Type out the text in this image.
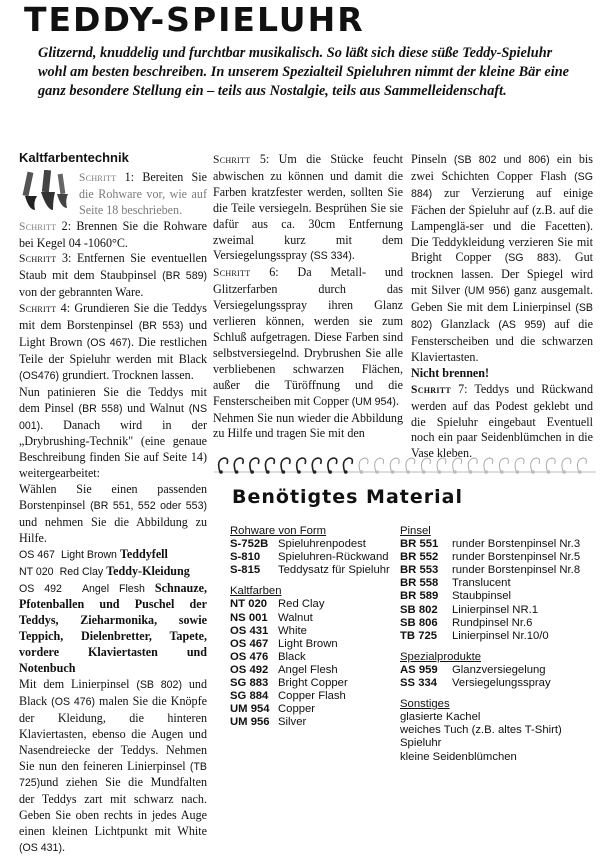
TEDDY-SPIELUHR
Glitzernd, knuddelig und furchtbar musikalisch. So läßt sich diese süße Teddy-Spieluhr wohl am besten beschreiben. In unserem Spezialteil Spieluhren nimmt der kleine Bär eine ganz besondere Stellung ein – teils aus Nostalgie, teils aus Sammelleidenschaft.

Kaltfarbentechnik

Schritt 1: Bereiten Sie die Rohware vor, wie auf Seite 18 beschrieben.

Schritt 2: Brennen Sie die Rohware bei Kegel 04 -1060°C.

Schritt 3: Entfernen Sie eventuellen Staub mit dem Staubpinsel (BR 589) von der gebrannten Ware.

Schritt 4: Grundieren Sie die Teddys mit dem Borstenpinsel (BR 553) und Light Brown (OS 467). Die restlichen Teile der Spieluhr werden mit Black (OS476) grundiert. Trocknen lassen.

Nun patinieren Sie die Teddys mit dem Pinsel (BR 558) und Walnut (NS 001). Danach wird in der „Drybrushing-Technik" (eine genaue Beschreibung finden Sie auf Seite 14) weitergearbeitet:

Wählen Sie einen passenden Borstenpinsel (BR 551, 552 oder 553) und nehmen Sie die Abbildung zu Hilfe.

OS 467 Light Brown Teddyfell

NT 020 Red Clay Teddy-Kleidung

OS 492 Angel Flesh Schnauze, Pfotenballen und Puschel der Teddys, Zieharmonika, sowie Teppich, Dielenbretter, Tapete, vordere Klaviertasten und Notenbuch

Mit dem Linierpinsel (SB 802) und Black (OS 476) malen Sie die Knöpfe der Kleidung, die hinteren Klaviertasten, ebenso die Augen und Nasendreiecke der Teddys. Nehmen Sie nun den feineren Linierpinsel (TB 725)und ziehen Sie die Mundfalten der Teddys zart mit schwarz nach. Geben Sie oben rechts in jedes Auge einen kleinen Lichtpunkt mit White (OS 431).

Schritt 5: Um die Stücke feucht abwischen zu können und damit die Farben kratzfester werden, sollten Sie die Teile versiegeln. Besprühen Sie sie dafür aus ca. 30cm Entfernung zweimal kurz mit dem Versiegelungsspray (SS 334).

Schritt 6: Da Metall- und Glitzerfarben durch das Versiegelungsspray ihren Glanz verlieren können, werden sie zum Schluß aufgetragen. Diese Farben sind selbstversiegelnd. Drybrushen Sie alle verbliebenen schwarzen Flächen, außer die Türöffnung und die Fensterscheiben mit Copper (UM 954).

Nehmen Sie nun wieder die Abbildung zu Hilfe und tragen Sie mit den

Pinseln (SB 802 und 806) ein bis zwei Schichten Copper Flash (SG 884) zur Verzierung auf einige Fächen der Spieluhr auf (z.B. auf die Lampenglä-ser und die Facetten). Die Teddykleidung verzieren Sie mit Bright Copper (SG 883). Gut trocknen lassen. Der Spiegel wird mit Silver (UM 956) ganz ausgemalt. Geben Sie mit dem Linierpinsel (SB 802) Glanzlack (AS 959) auf die Fensterscheiben und die schwarzen Klaviertasten.

Nicht brennen!

Schritt 7: Teddys und Rückwand werden auf das Podest geklebt und die Spieluhr eingebaut Eventuell noch ein paar Seidenblümchen in die Vase kleben.

Benötigtes Material
Rohware von Form
S-752B Spieluhrenpodest
S-810 Spieluhren-Rückwand
S-815 Teddysatz für Spieluhr
Kaltfarben
NT 020 Red Clay
NS 001 Walnut
OS 431 White
OS 467 Light Brown
OS 476 Black
OS 492 Angel Flesh
SG 883 Bright Copper
SG 884 Copper Flash
UM 954 Copper
UM 956 Silver
Pinsel
BR 551 runder Borstenpinsel Nr.3
BR 552 runder Borstenpinsel Nr.5
BR 553 runder Borstenpinsel Nr.8
BR 558 Translucent
BR 589 Staubpinsel
SB 802 Linierpinsel NR.1
SB 806 Rundpinsel Nr.6
TB 725 Linierpinsel Nr.10/0
Spezialprodukte
AS 959 Glanzversiegelung
SS 334 Versiegelungsspray
Sonstiges
glasierte Kachel
weiches Tuch (z.B. altes T-Shirt)
Spieluhr
kleine Seidenblümchen
